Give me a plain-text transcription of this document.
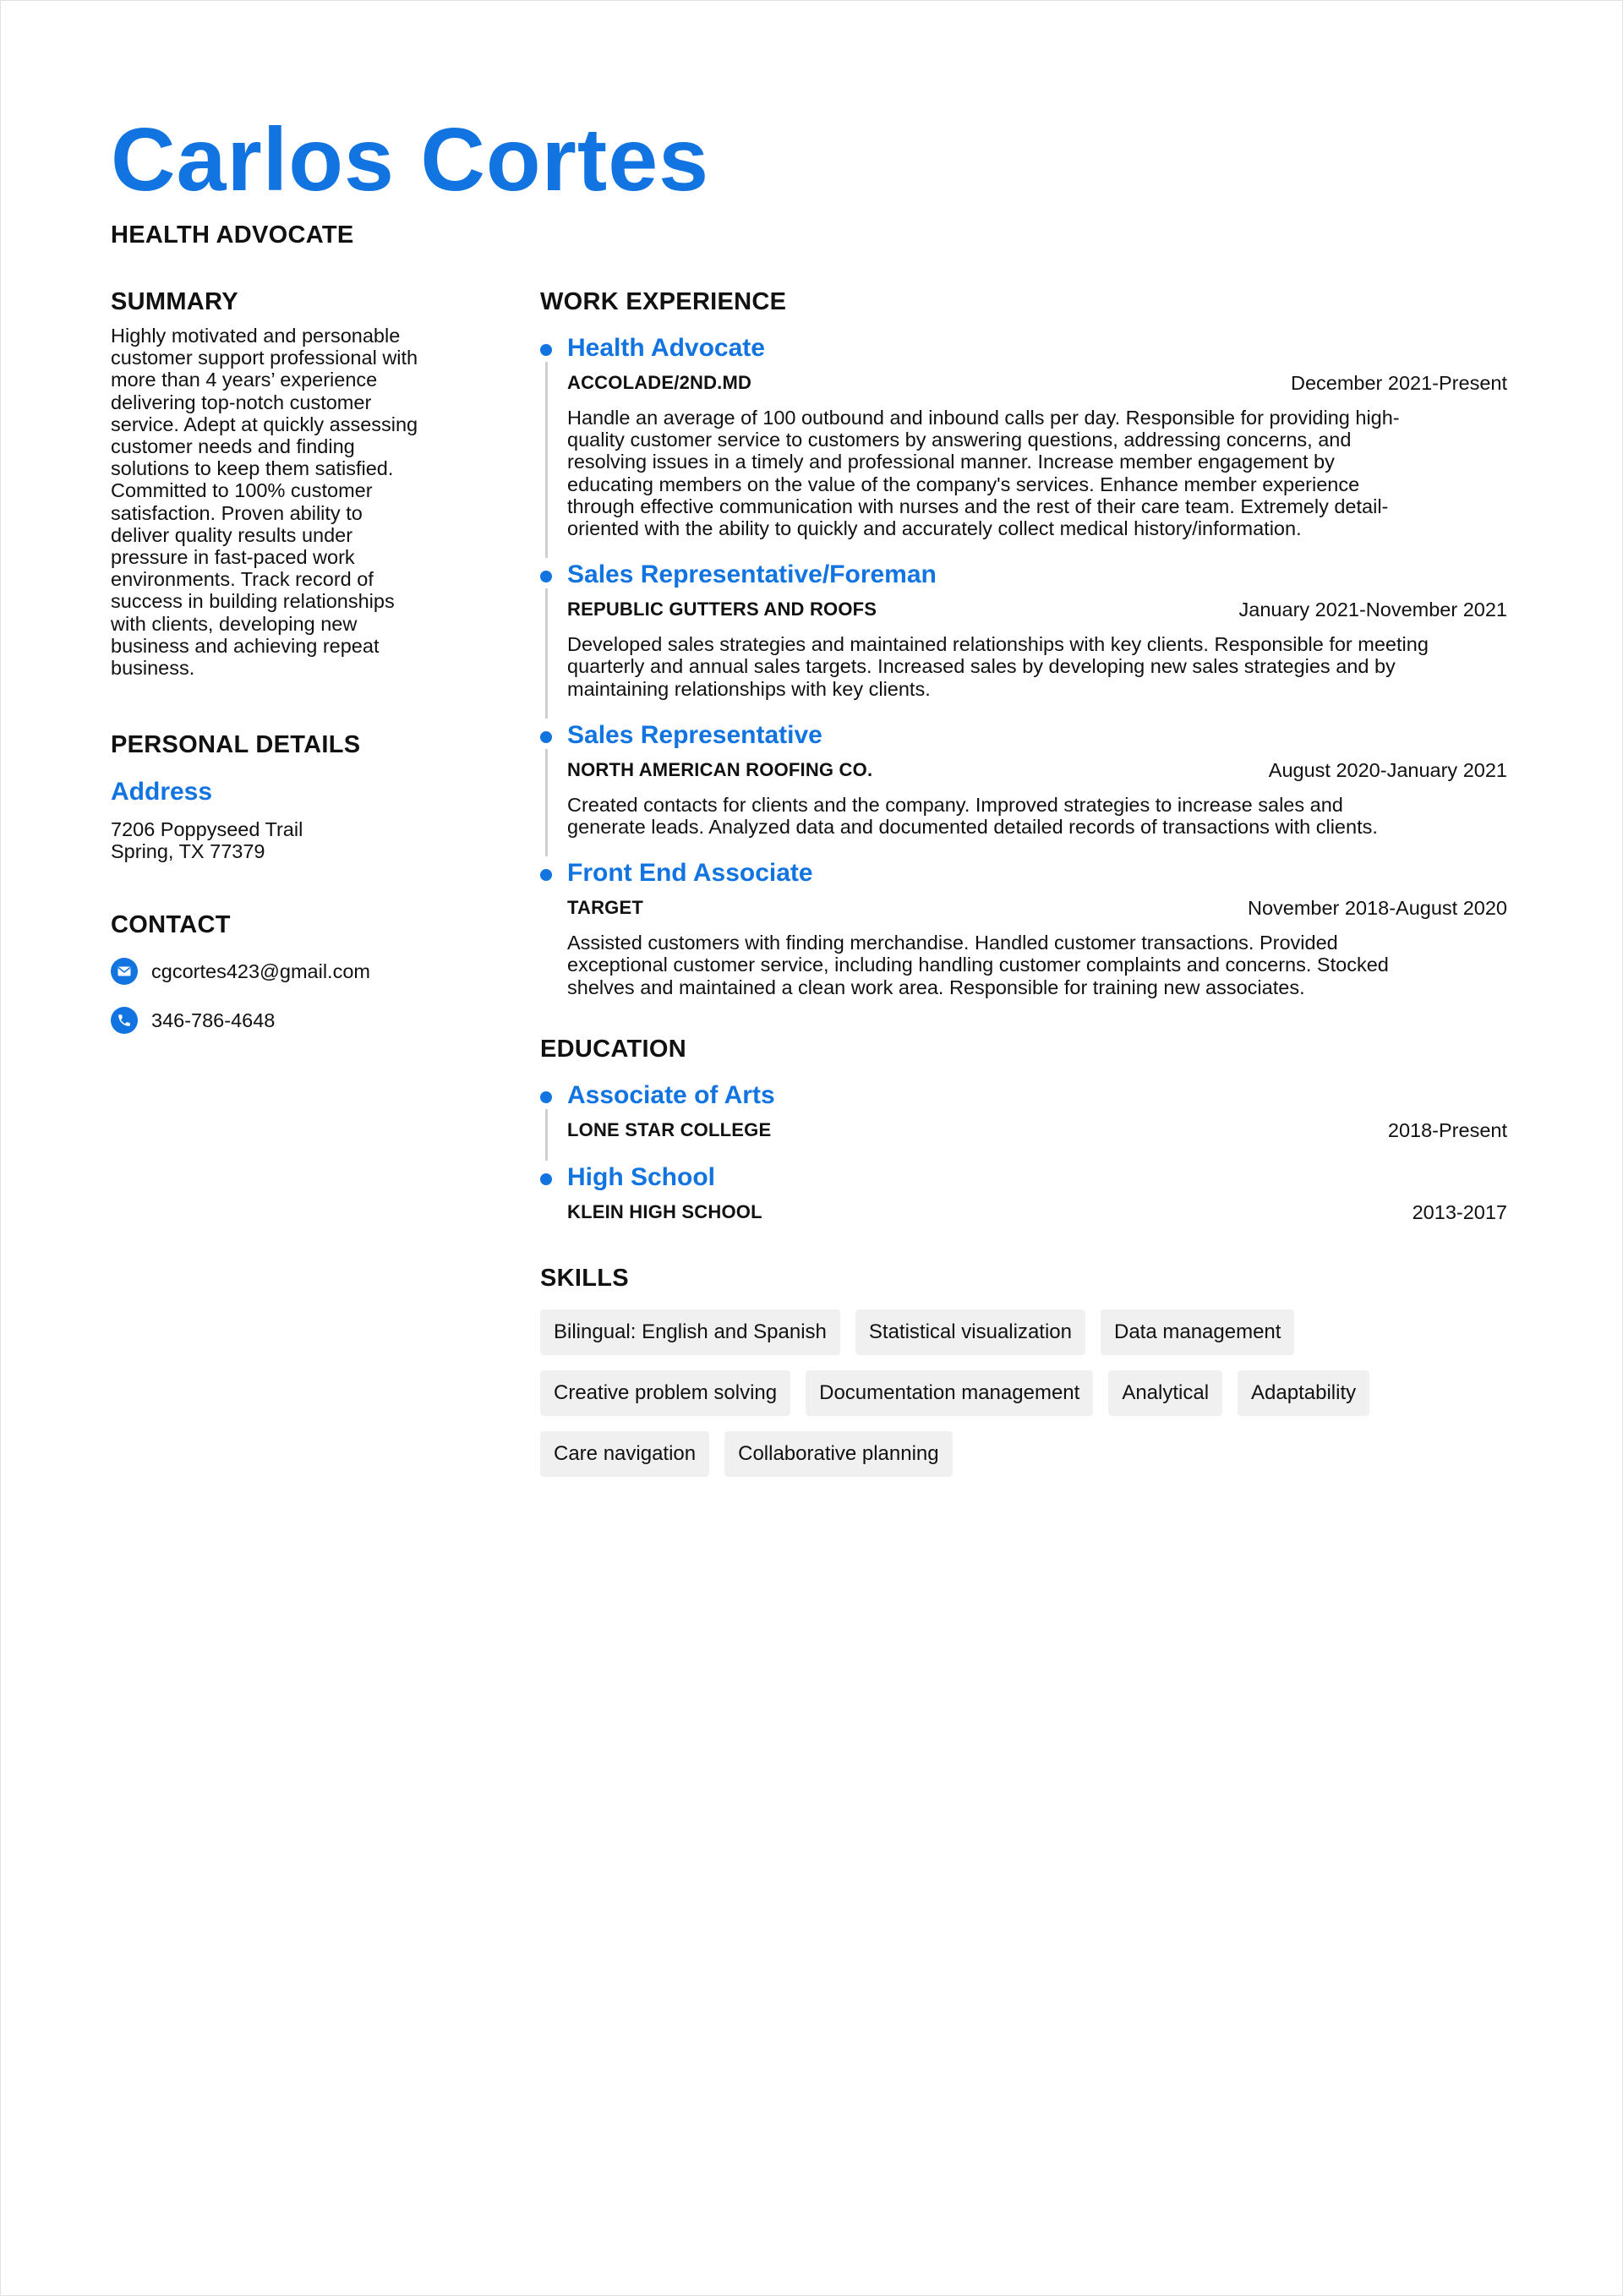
Carlos Cortes
HEALTH ADVOCATE
SUMMARY
Highly motivated and personable
customer support professional with
more than 4 years’ experience
delivering top-notch customer
service. Adept at quickly assessing
customer needs and finding
solutions to keep them satisfied.
Committed to 100% customer
satisfaction. Proven ability to
deliver quality results under
pressure in fast-paced work
environments. Track record of
success in building relationships
with clients, developing new
business and achieving repeat
business.
PERSONAL DETAILS
Address
7206 Poppyseed Trail
Spring, TX 77379
CONTACT
cgcortes423@gmail.com
346-786-4648
WORK EXPERIENCE
Health Advocate
ACCOLADE/2ND.MD	December 2021-Present
Handle an average of 100 outbound and inbound calls per day. Responsible for providing high-
quality customer service to customers by answering questions, addressing concerns, and
resolving issues in a timely and professional manner. Increase member engagement by
educating members on the value of the company's services. Enhance member experience
through effective communication with nurses and the rest of their care team. Extremely detail-
oriented with the ability to quickly and accurately collect medical history/information.
Sales Representative/Foreman
REPUBLIC GUTTERS AND ROOFS	January 2021-November 2021
Developed sales strategies and maintained relationships with key clients. Responsible for meeting
quarterly and annual sales targets. Increased sales by developing new sales strategies and by
maintaining relationships with key clients.
Sales Representative
NORTH AMERICAN ROOFING CO.	August 2020-January 2021
Created contacts for clients and the company. Improved strategies to increase sales and
generate leads. Analyzed data and documented detailed records of transactions with clients.
Front End Associate
TARGET	November 2018-August 2020
Assisted customers with finding merchandise. Handled customer transactions. Provided
exceptional customer service, including handling customer complaints and concerns. Stocked
shelves and maintained a clean work area. Responsible for training new associates.
EDUCATION
Associate of Arts
LONE STAR COLLEGE	2018-Present
High School
KLEIN HIGH SCHOOL	2013-2017
SKILLS
Bilingual: English and Spanish	Statistical visualization	Data management
Creative problem solving	Documentation management	Analytical	Adaptability
Care navigation	Collaborative planning
